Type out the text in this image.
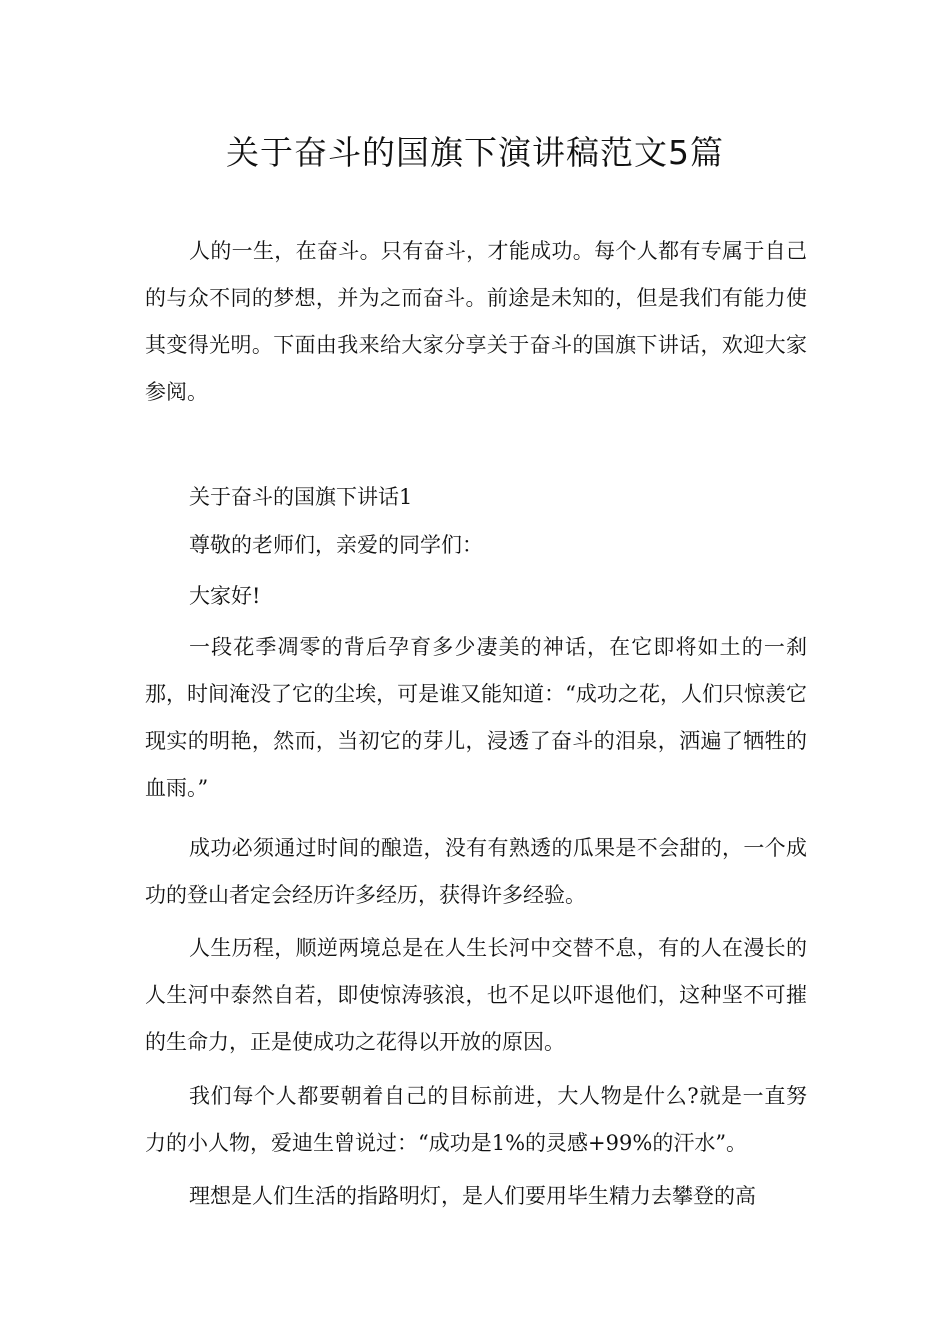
关于奋斗的国旗下演讲稿范文5篇

人的一生，在奋斗。只有奋斗，才能成功。每个人都有专属于自己的与众不同的梦想，并为之而奋斗。前途是未知的，但是我们有能力使其变得光明。下面由我来给大家分享关于奋斗的国旗下讲话，欢迎大家参阅。

关于奋斗的国旗下讲话1

尊敬的老师们，亲爱的同学们：

大家好!

一段花季凋零的背后孕育多少凄美的神话，在它即将如土的一刹那，时间淹没了它的尘埃，可是谁又能知道：“成功之花，人们只惊羡它现实的明艳，然而，当初它的芽儿，浸透了奋斗的泪泉，洒遍了牺牲的血雨。”

成功必须通过时间的酿造，没有有熟透的瓜果是不会甜的，一个成功的登山者定会经历许多经历，获得许多经验。

人生历程，顺逆两境总是在人生长河中交替不息，有的人在漫长的人生河中泰然自若，即使惊涛骇浪，也不足以吓退他们，这种坚不可摧的生命力，正是使成功之花得以开放的原因。

我们每个人都要朝着自己的目标前进，大人物是什么?就是一直努力的小人物，爱迪生曾说过：“成功是1%的灵感+99%的汗水”。

理想是人们生活的指路明灯，是人们要用毕生精力去攀登的高
